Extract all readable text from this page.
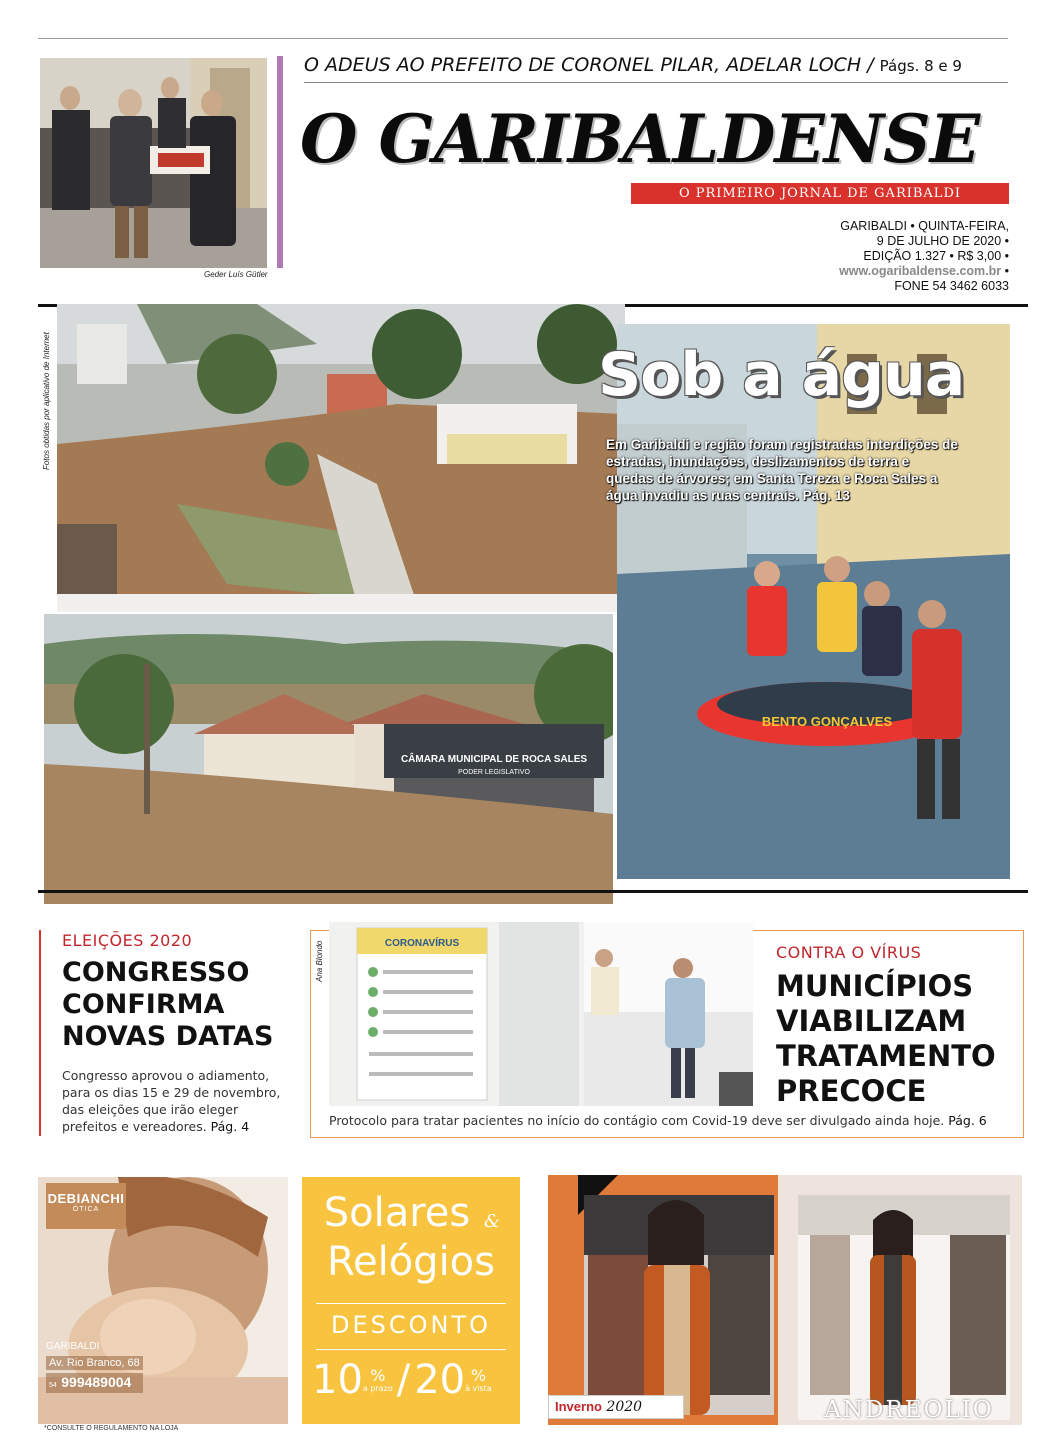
Geder Luís Gütler
O ADEUS AO PREFEITO DE CORONEL PILAR, ADELAR LOCH / Págs. 8 e 9
O GARIBALDENSE
O PRIMEIRO JORNAL DE GARIBALDI
GARIBALDI • QUINTA-FEIRA,
9 DE JULHO DE 2020 •
EDIÇÃO 1.327 • R$ 3,00 •
www.ogaribaldense.com.br •
FONE 54 3462 6033
Fotos obtidas por aplicativo de Internet
CÂMARA MUNICIPAL DE ROCA SALES
PODER LEGISLATIVO
BENTO GONÇALVES
Sob a água
Em Garibaldi e região foram registradas interdições de estradas, inundações, deslizamentos de terra e quedas de árvores; em Santa Tereza e Roca Sales a água invadiu as ruas centrais. Pág. 13
ELEIÇÕES 2020
CONGRESSO
CONFIRMA
NOVAS DATAS
Congresso aprovou o adiamento, para os dias 15 e 29 de novembro, das eleições que irão eleger prefeitos e vereadores. Pág. 4
Ana Blondo	CORONAVÍRUS	CONTRA O VÍRUS
MUNICÍPIOS
VIABILIZAM
TRATAMENTO
PRECOCE
Protocolo para tratar pacientes no início do contágio com Covid-19 deve ser divulgado ainda hoje. Pág. 6
DEBIANCHI
ÓTICA
GARIBALDI
Av. Rio Branco, 68
54 999489004
*CONSULTE O REGULAMENTO NA LOJA
Solares &
Relógios
DESCONTO
10 %
a prazo / 20 %
à vista
Inverno 2020	ANDREOLIO
